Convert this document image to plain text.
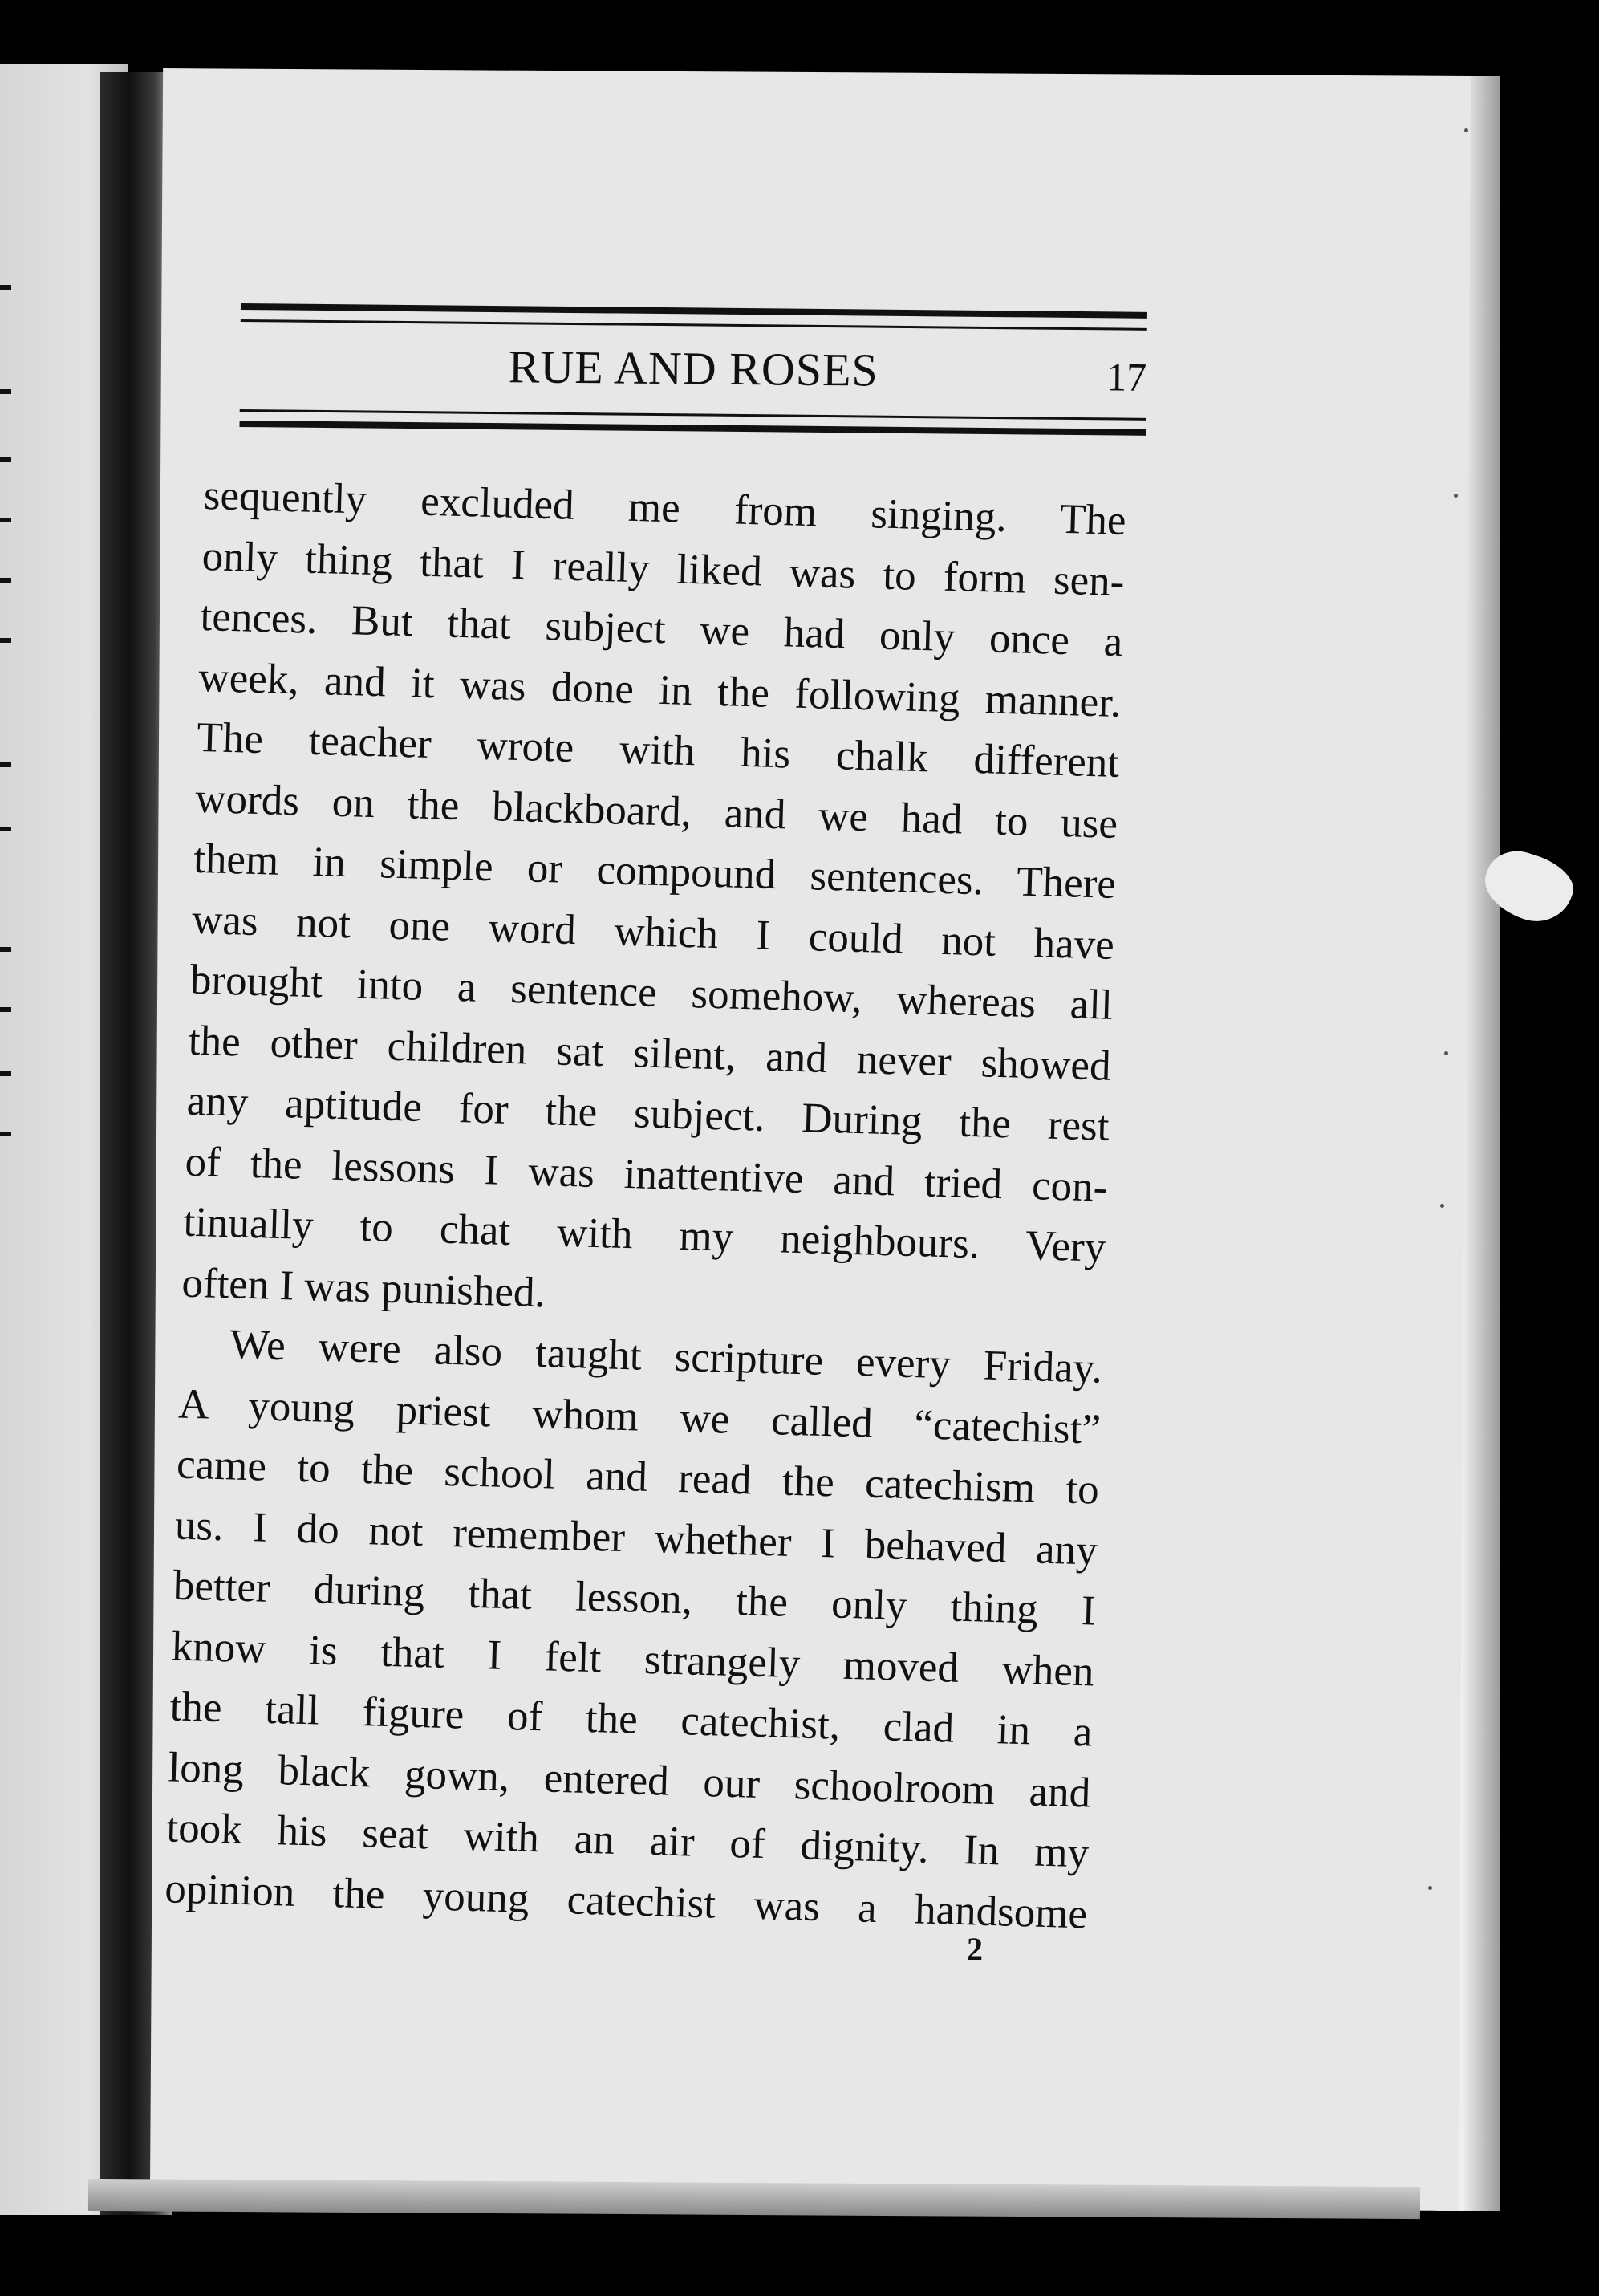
RUE AND ROSES	17
sequently excluded me from singing. The
only thing that I really liked was to form sen-
tences. But that subject we had only once a
week, and it was done in the following manner.
The teacher wrote with his chalk different
words on the blackboard, and we had to use
them in simple or compound sentences. There
was not one word which I could not have
brought into a sentence somehow, whereas all
the other children sat silent, and never showed
any aptitude for the subject. During the rest
of the lessons I was inattentive and tried con-
tinually to chat with my neighbours. Very
often I was punished.
We were also taught scripture every Friday.
A young priest whom we called “catechist”
came to the school and read the catechism to
us. I do not remember whether I behaved any
better during that lesson, the only thing I
know is that I felt strangely moved when
the tall figure of the catechist, clad in a
long black gown, entered our schoolroom and
took his seat with an air of dignity. In my
opinion the young catechist was a handsome
2
